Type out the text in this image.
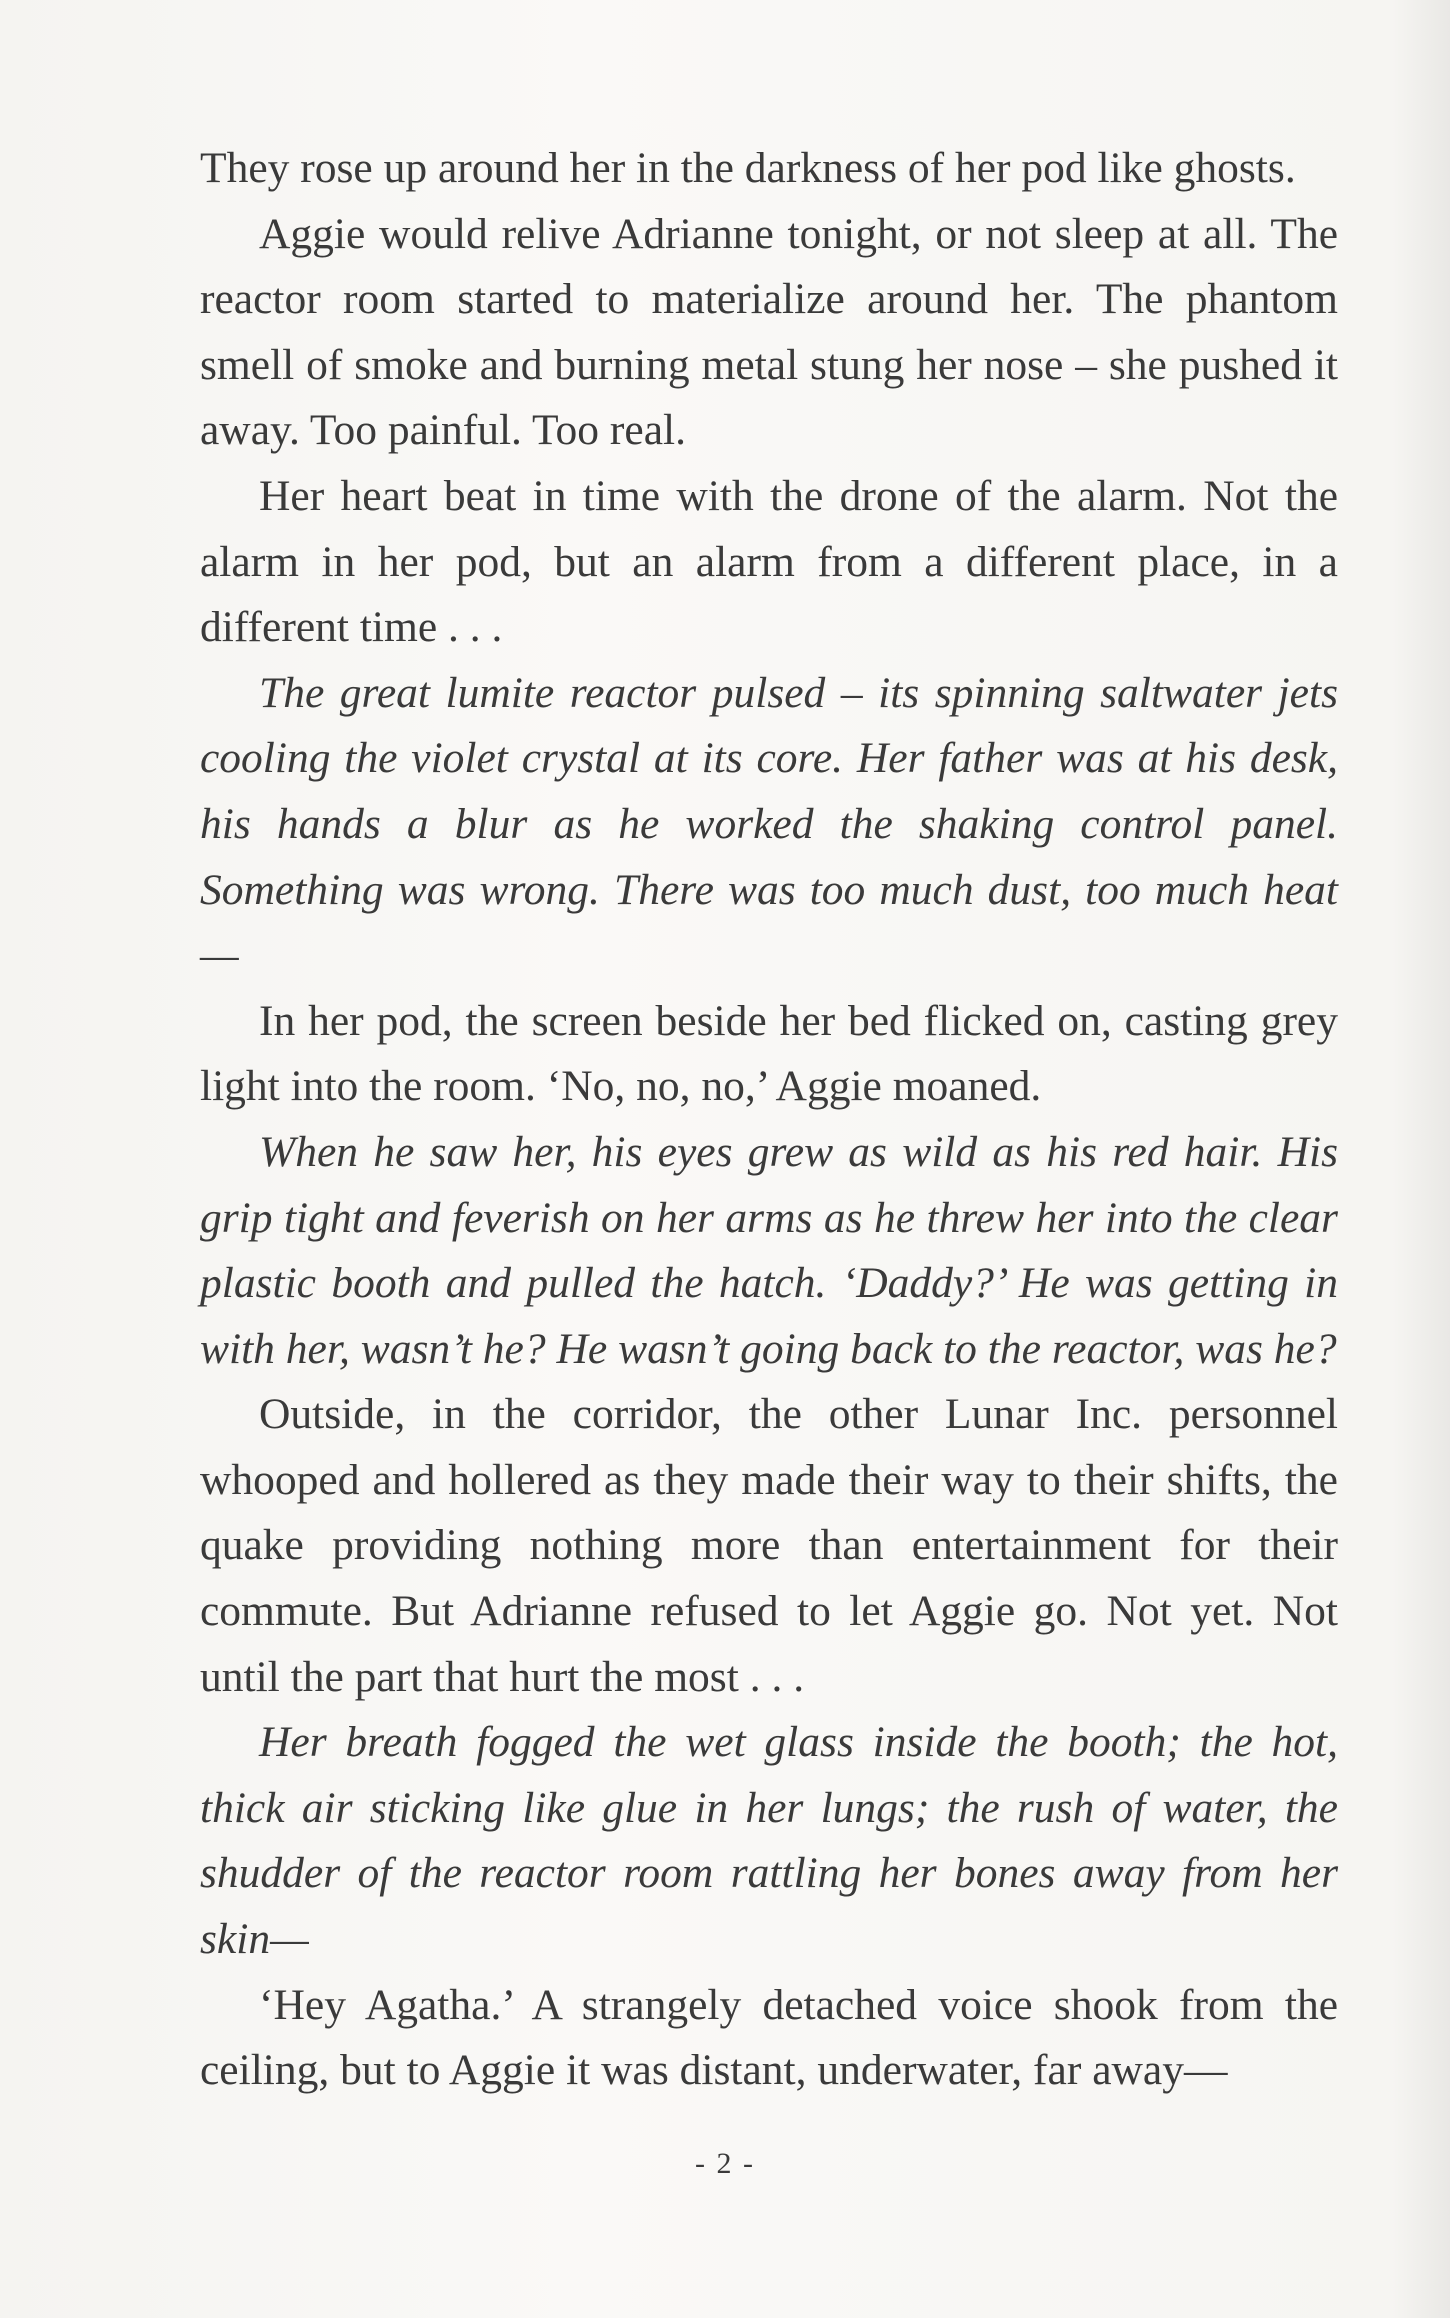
They rose up around her in the darkness of her pod like ghosts.

Aggie would relive Adrianne tonight, or not sleep at all. The reactor room started to materialize around her. The phantom smell of smoke and burning metal stung her nose – she pushed it away. Too painful. Too real.

Her heart beat in time with the drone of the alarm. Not the alarm in her pod, but an alarm from a different place, in a different time . . .

The great lumite reactor pulsed – its spinning saltwater jets cooling the violet crystal at its core. Her father was at his desk, his hands a blur as he worked the shaking control panel. Something was wrong. There was too much dust, too much heat—

In her pod, the screen beside her bed flicked on, casting grey light into the room. ‘No, no, no,’ Aggie moaned.

When he saw her, his eyes grew as wild as his red hair. His grip tight and feverish on her arms as he threw her into the clear plastic booth and pulled the hatch. ‘Daddy?’ He was getting in with her, wasn’t he? He wasn’t going back to the reactor, was he?

Outside, in the corridor, the other Lunar Inc. personnel whooped and hollered as they made their way to their shifts, the quake providing nothing more than entertainment for their commute. But Adrianne refused to let Aggie go. Not yet. Not until the part that hurt the most . . .

Her breath fogged the wet glass inside the booth; the hot, thick air sticking like glue in her lungs; the rush of water, the shudder of the reactor room rattling her bones away from her skin—

‘Hey Agatha.’ A strangely detached voice shook from the ceiling, but to Aggie it was distant, underwater, far away—

- 2 -
